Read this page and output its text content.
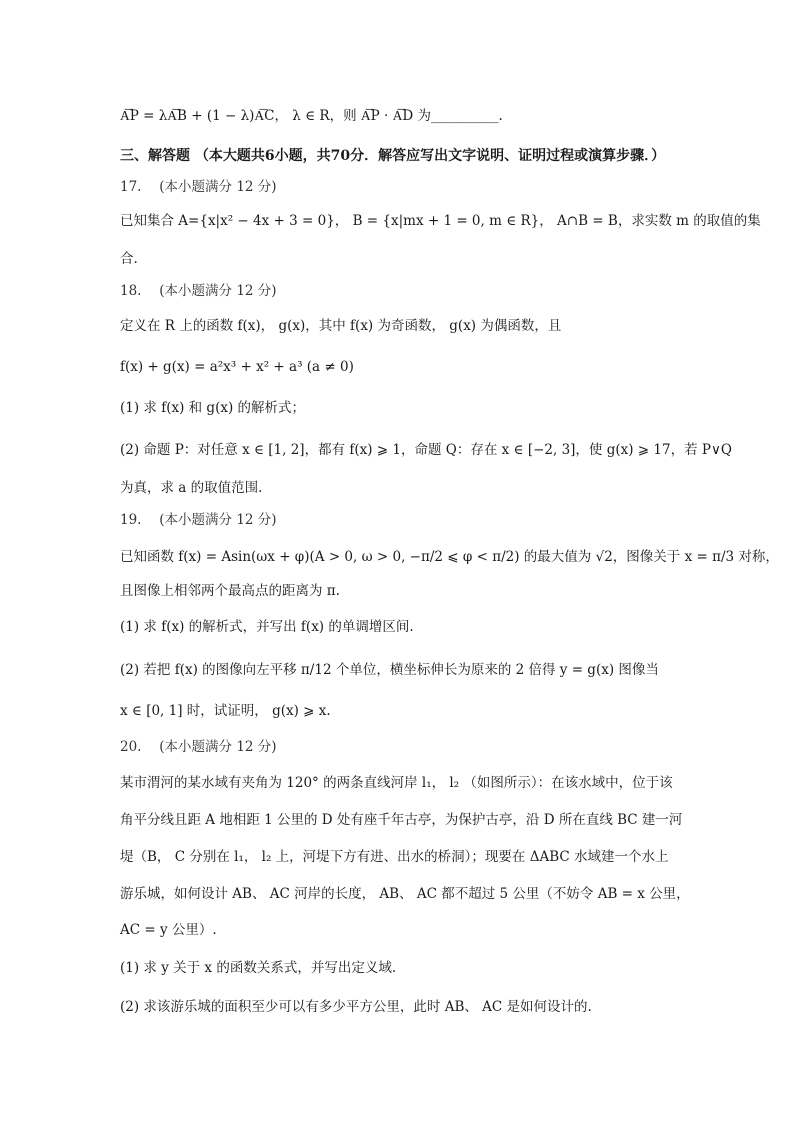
A͞P = λA͞B + (1 − λ)A͞C， λ ∈ R，则 A͞P · A͞D 为__________.
三、解答题 （本大题共6小题，共70分．解答应写出文字说明、证明过程或演算步骤．）
17.　 (本小题满分 12 分)
已知集合 A={x|x² − 4x + 3 = 0}， B = {x|mx + 1 = 0, m ∈ R}， A∩B = B，求实数 m 的取值的集
合.
18.　 (本小题满分 12 分)
定义在 R 上的函数 f(x)， g(x)，其中 f(x) 为奇函数， g(x) 为偶函数，且
f(x) + g(x) = a²x³ + x² + a³ (a ≠ 0)
(1) 求 f(x) 和 g(x) 的解析式；
(2) 命题 P：对任意 x ∈ [1, 2]，都有 f(x) ⩾ 1，命题 Q：存在 x ∈ [−2, 3]，使 g(x) ⩾ 17，若 P∨Q
为真，求 a 的取值范围.
19.　 (本小题满分 12 分)
已知函数 f(x) = Asin(ωx + φ)(A > 0, ω > 0, −π/2 ⩽ φ < π/2) 的最大值为 √2，图像关于 x = π/3 对称，
且图像上相邻两个最高点的距离为 π.
(1) 求 f(x) 的解析式，并写出 f(x) 的单调增区间.
(2) 若把 f(x) 的图像向左平移 π/12 个单位，横坐标伸长为原来的 2 倍得 y = g(x) 图像当
x ∈ [0, 1] 时，试证明， g(x) ⩾ x.
20.　 (本小题满分 12 分)
某市渭河的某水域有夹角为 120° 的两条直线河岸 l₁， l₂ （如图所示）：在该水域中，位于该
角平分线且距 A 地相距 1 公里的 D 处有座千年古亭，为保护古亭，沿 D 所在直线 BC 建一河
堤（B， C 分别在 l₁， l₂ 上，河堤下方有进、出水的桥洞）；现要在 ΔABC 水域建一个水上
游乐城，如何设计 AB、 AC 河岸的长度， AB、 AC 都不超过 5 公里（不妨令 AB = x 公里，
AC = y 公里）.
(1) 求 y 关于 x 的函数关系式，并写出定义域.
(2) 求该游乐城的面积至少可以有多少平方公里，此时 AB、 AC 是如何设计的.
